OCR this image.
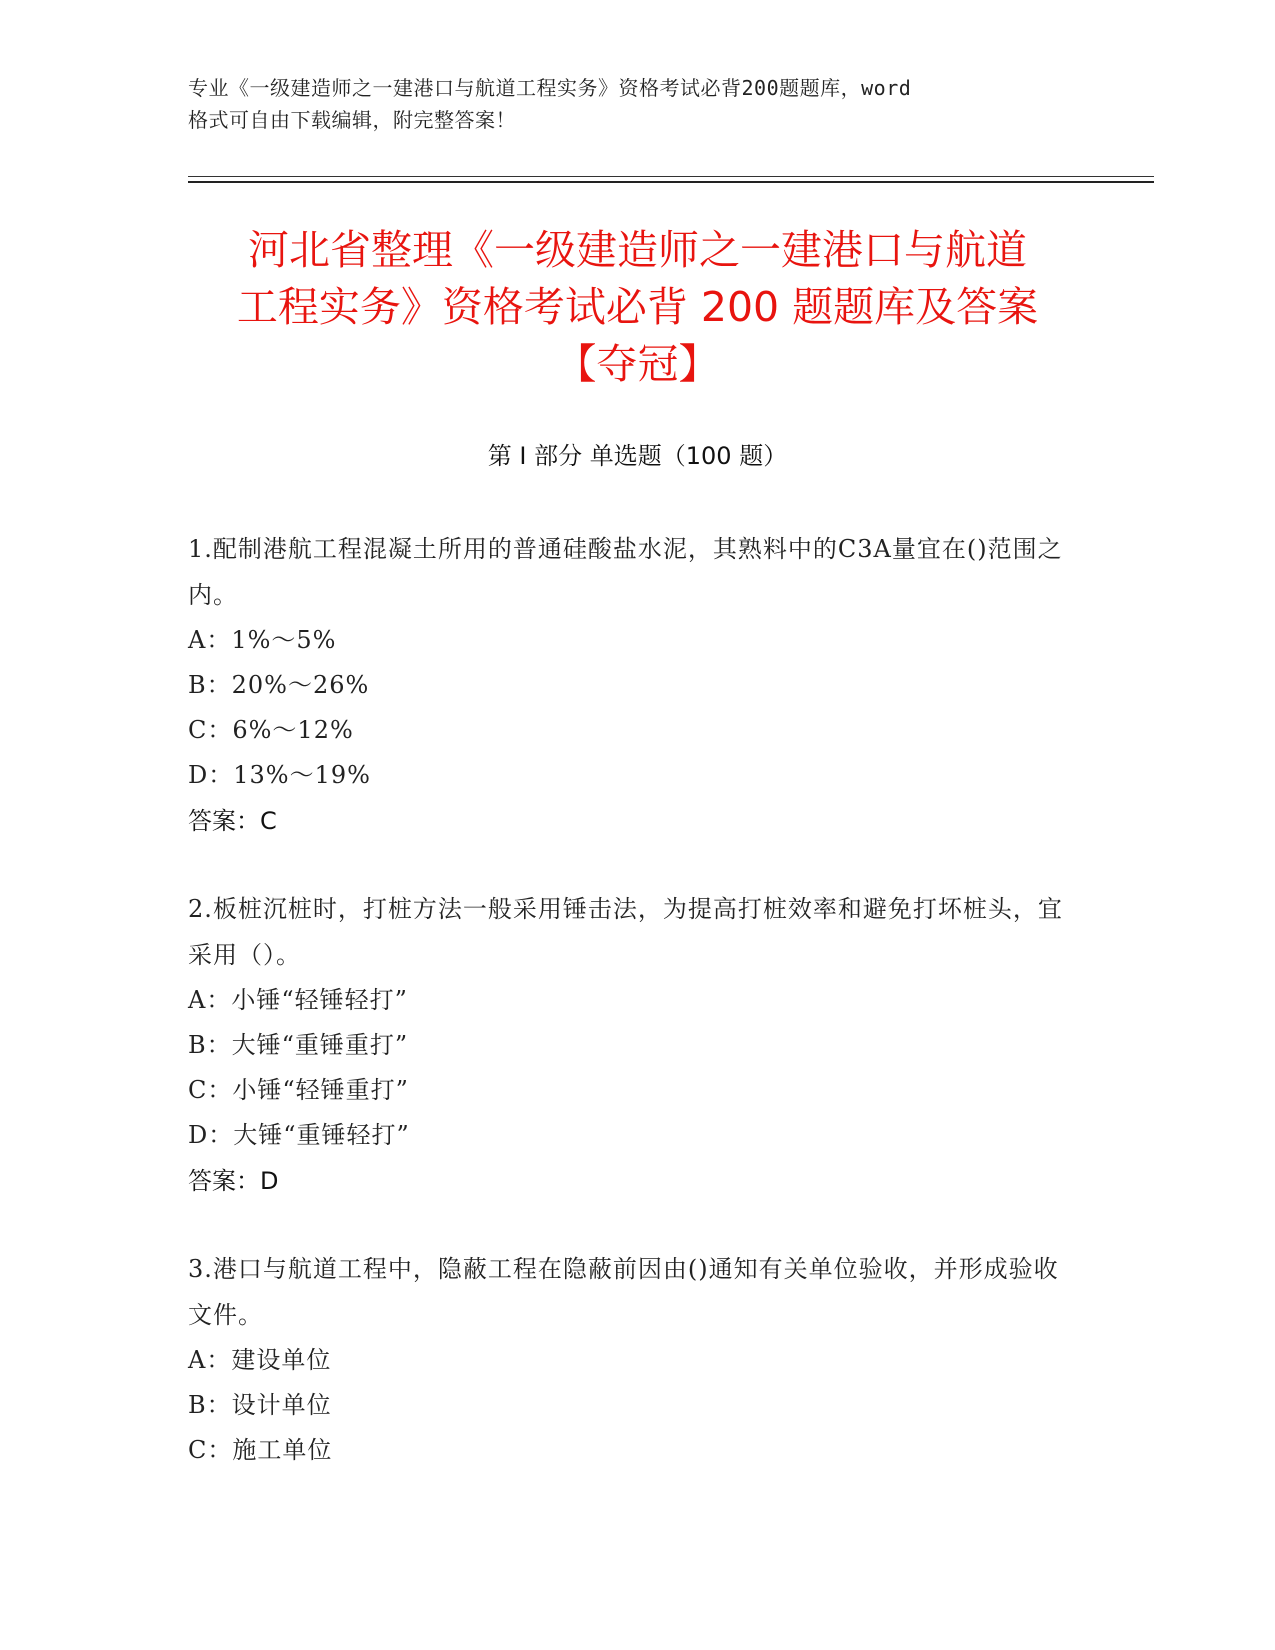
专业《一级建造师之一建港口与航道工程实务》资格考试必背200题题库，word
格式可自由下载编辑，附完整答案！
河北省整理《一级建造师之一建港口与航道
工程实务》资格考试必背 200 题题库及答案
【夺冠】
第 I 部分 单选题（100 题）
1.配制港航工程混凝土所用的普通硅酸盐水泥，其熟料中的C3A量宜在()范围之内。
A：1%～5%
B：20%～26%
C：6%～12%
D：13%～19%
答案：C
2.板桩沉桩时，打桩方法一般采用锤击法，为提高打桩效率和避免打坏桩头，宜采用（）。
A：小锤“轻锤轻打”
B：大锤“重锤重打”
C：小锤“轻锤重打”
D：大锤“重锤轻打”
答案：D
3.港口与航道工程中，隐蔽工程在隐蔽前因由()通知有关单位验收，并形成验收文件。
A：建设单位
B：设计单位
C：施工单位
